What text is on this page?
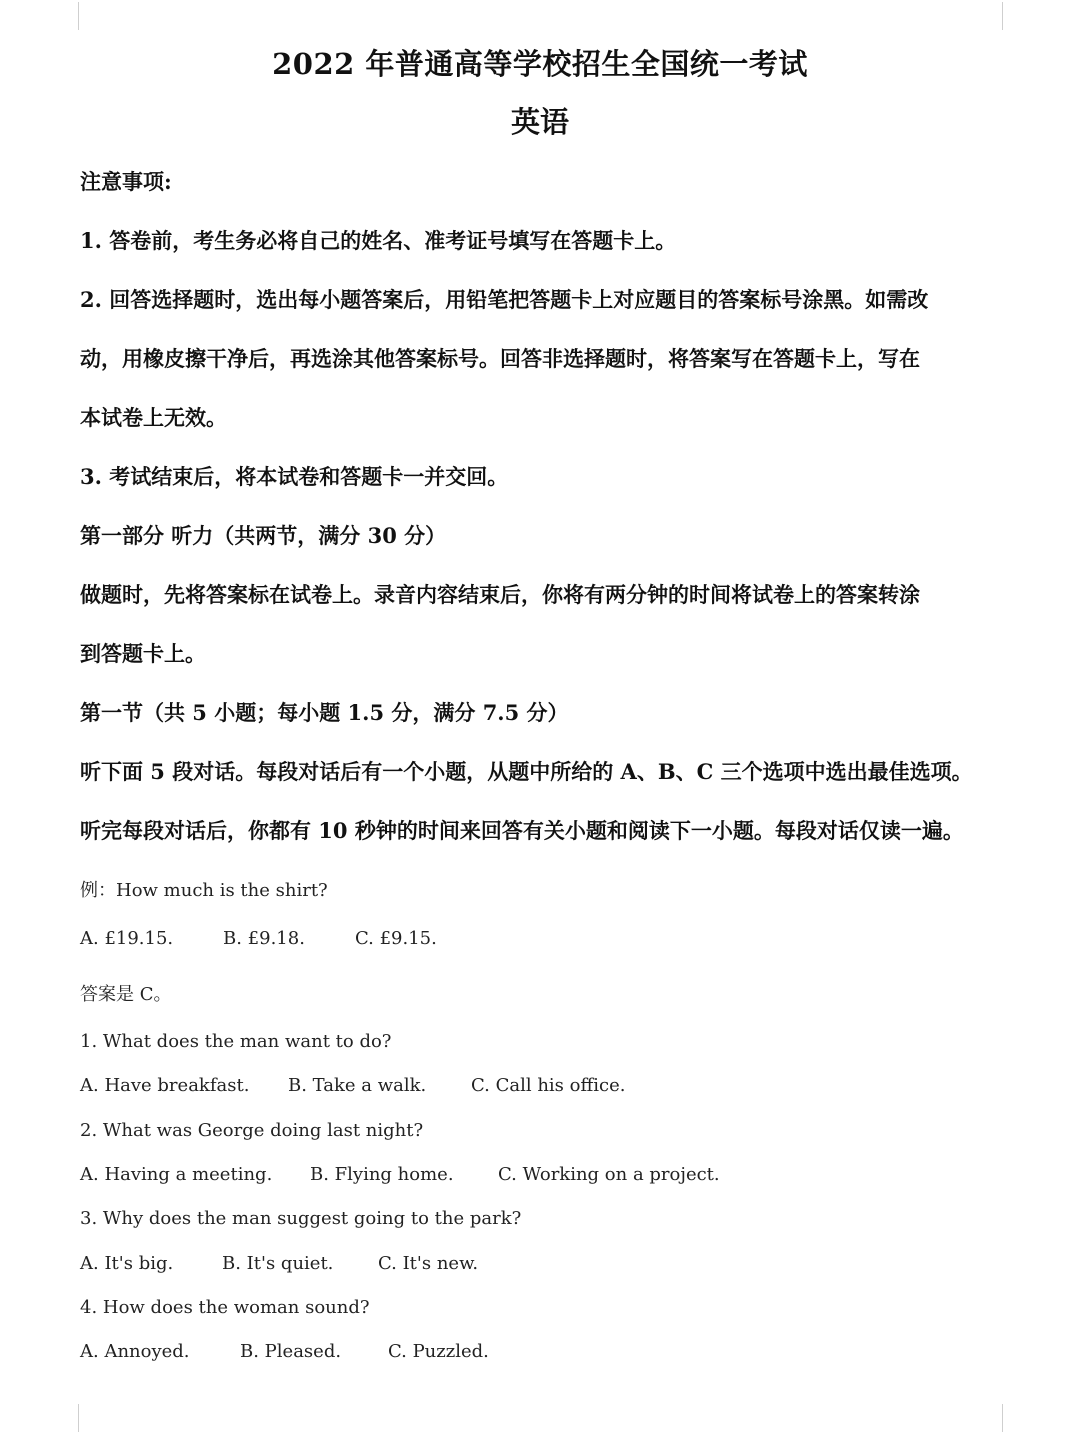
2022 年普通高等学校招生全国统一考试
英语
注意事项:
1. 答卷前，考生务必将自己的姓名、准考证号填写在答题卡上。
2. 回答选择题时，选出每小题答案后，用铅笔把答题卡上对应题目的答案标号涂黑。如需改
动，用橡皮擦干净后，再选涂其他答案标号。回答非选择题时，将答案写在答题卡上，写在
本试卷上无效。
3. 考试结束后，将本试卷和答题卡一并交回。
第一部分 听力（共两节，满分 30 分）
做题时，先将答案标在试卷上。录音内容结束后，你将有两分钟的时间将试卷上的答案转涂
到答题卡上。
第一节（共 5 小题；每小题 1.5 分，满分 7.5 分）
听下面 5 段对话。每段对话后有一个小题，从题中所给的 A、B、C 三个选项中选出最佳选项。
听完每段对话后，你都有 10 秒钟的时间来回答有关小题和阅读下一小题。每段对话仅读一遍。
例：How much is the shirt?
A. £19.15.	B. £9.18.	C. £9.15.
答案是 C。
1. What does the man want to do?
A. Have breakfast. B. Take a walk. C. Call his office.
2. What was George doing last night?
A. Having a meeting. B. Flying home. C. Working on a project.
3. Why does the man suggest going to the park?
A. It's big.	B. It's quiet. C. It's new.
4. How does the woman sound?
A. Annoyed.	B. Pleased.	C. Puzzled.
